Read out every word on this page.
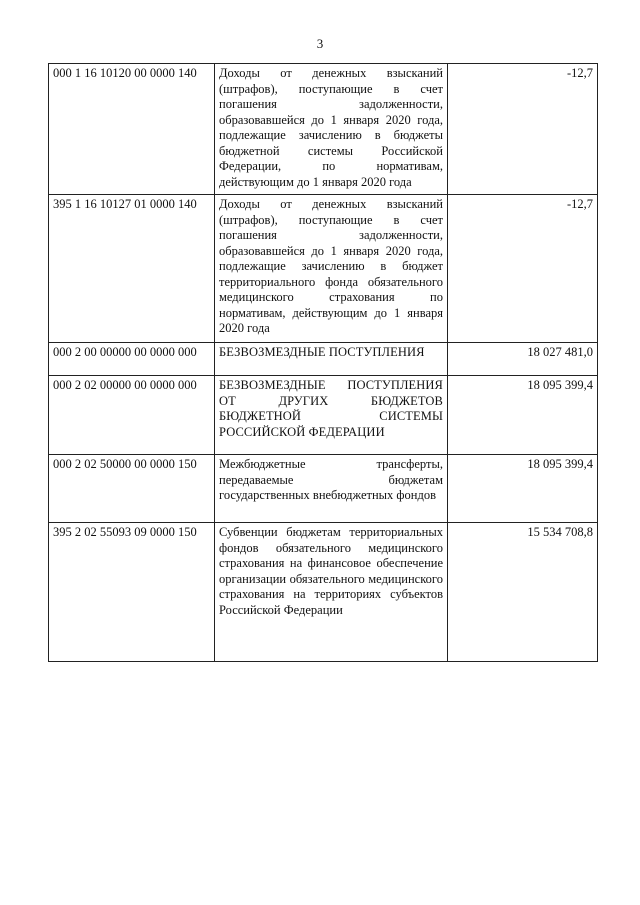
3
000 1 16 10120 00 0000 140	Доходы от денежных взысканий (штрафов), поступающие в счет погашения задолженности, образовавшейся до 1 января 2020 года, подлежащие зачислению в бюджеты бюджетной системы Российской Федерации, по нормативам, действующим до 1 января 2020 года	-12,7
395 1 16 10127 01 0000 140	Доходы от денежных взысканий (штрафов), поступающие в счет погашения задолженности, образовавшейся до 1 января 2020 года, подлежащие зачислению в бюджет территориального фонда обязательного медицинского страхования по нормативам, действующим до 1 января 2020 года	-12,7
000 2 00 00000 00 0000 000	БЕЗВОЗМЕЗДНЫЕ ПОСТУПЛЕНИЯ	18 027 481,0
000 2 02 00000 00 0000 000	БЕЗВОЗМЕЗДНЫЕ ПОСТУПЛЕНИЯ ОТ ДРУГИХ БЮДЖЕТОВ БЮДЖЕТНОЙ СИСТЕМЫ РОССИЙСКОЙ ФЕДЕРАЦИИ	18 095 399,4
000 2 02 50000 00 0000 150	Межбюджетные трансферты, передаваемые бюджетам государственных внебюджетных фондов	18 095 399,4
395 2 02 55093 09 0000 150	Субвенции бюджетам территориальных фондов обязательного медицинского страхования на финансовое обеспечение организации обязательного медицинского страхования на территориях субъектов Российской Федерации	15 534 708,8
